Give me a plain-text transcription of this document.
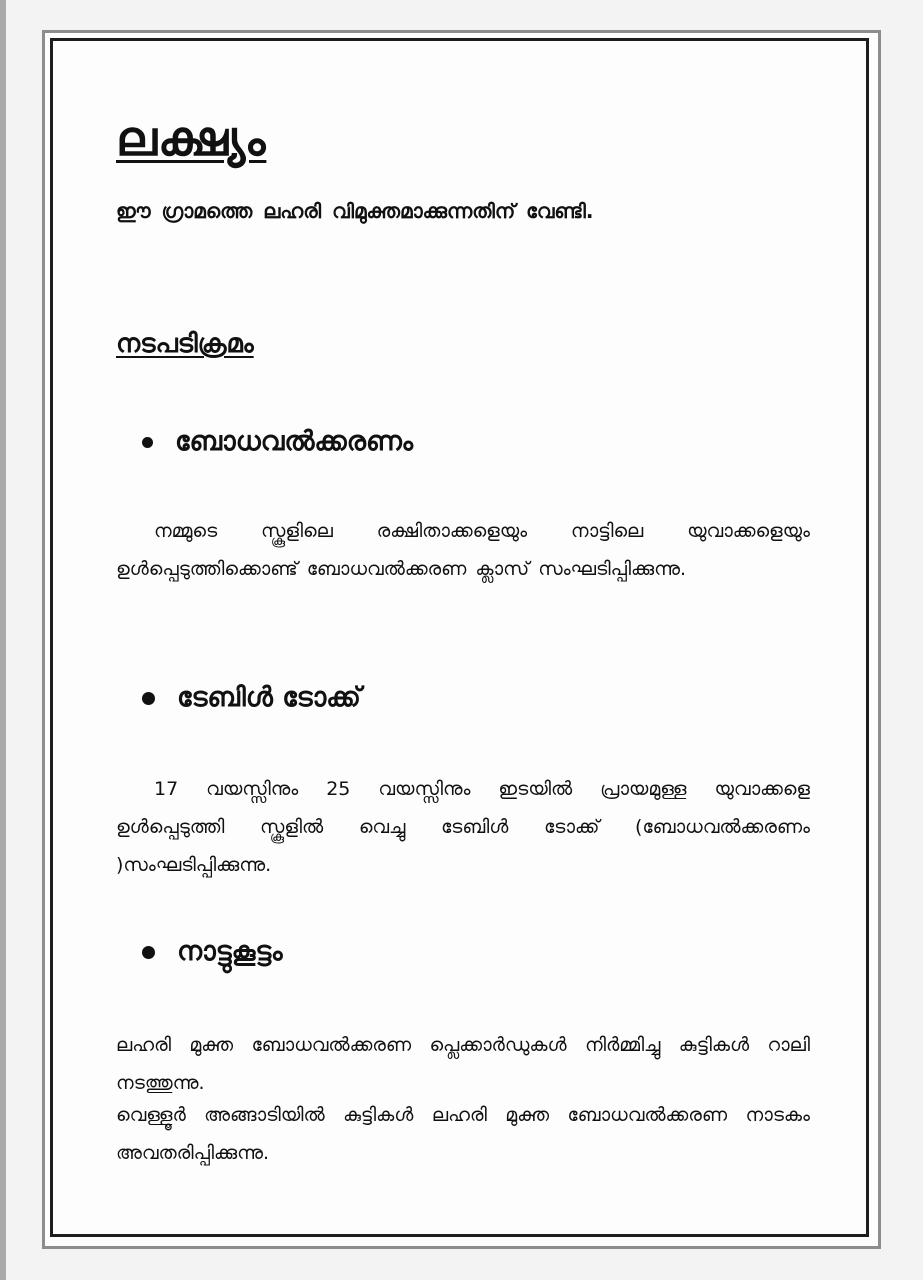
ലക്ഷ്യം
ഈ ഗ്രാമത്തെ ലഹരി വിമുക്തമാക്കുന്നതിന് വേണ്ടി.
നടപടിക്രമം
ബോധവൽക്കരണം
നമ്മുടെ സ്കൂളിലെ രക്ഷിതാക്കളെയും നാട്ടിലെ യുവാക്കളെയും ഉൾപ്പെടുത്തിക്കൊണ്ട് ബോധവൽക്കരണ ക്ലാസ് സംഘടിപ്പിക്കുന്നു.
ടേബിൾ ടോക്ക്
17 വയസ്സിനും 25 വയസ്സിനും ഇടയിൽ പ്രായമുള്ള യുവാക്കളെ ഉൾപ്പെടുത്തി സ്കൂളിൽ വെച്ചു ടേബിൾ ടോക്ക് (ബോധവൽക്കരണം )സംഘടിപ്പിക്കുന്നു.
നാട്ടുകൂട്ടം
ലഹരി മുക്ത ബോധവൽക്കരണ പ്ലെക്കാർഡുകൾ നിർമ്മിച്ചു കുട്ടികൾ റാലി നടത്തുന്നു.
വെള്ളൂർ അങ്ങാടിയിൽ കുട്ടികൾ ലഹരി മുക്ത ബോധവൽക്കരണ നാടകം അവതരിപ്പിക്കുന്നു.
